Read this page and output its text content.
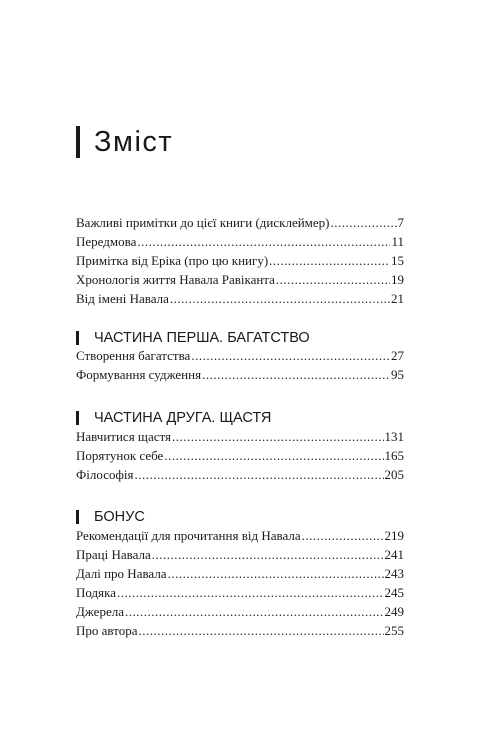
Зміст
Важливі примітки до цієї книги (дисклеймер) .....	7
Передмова .....	11
Примітка від Еріка (про цю книгу) .....	15
Хронологія життя Навала Равіканта .....	19
Від імені Навала .....	21
ЧАСТИНА ПЕРША. БАГАТСТВО
Створення багатства .....	27
Формування судження .....	95
ЧАСТИНА ДРУГА. ЩАСТЯ
Навчитися щастя .....	131
Порятунок себе .....	165
Філософія .....	205
БОНУС
Рекомендації для прочитання від Навала .....	219
Праці Навала .....	241
Далі про Навала .....	243
Подяка .....	245
Джерела .....	249
Про автора .....	255
